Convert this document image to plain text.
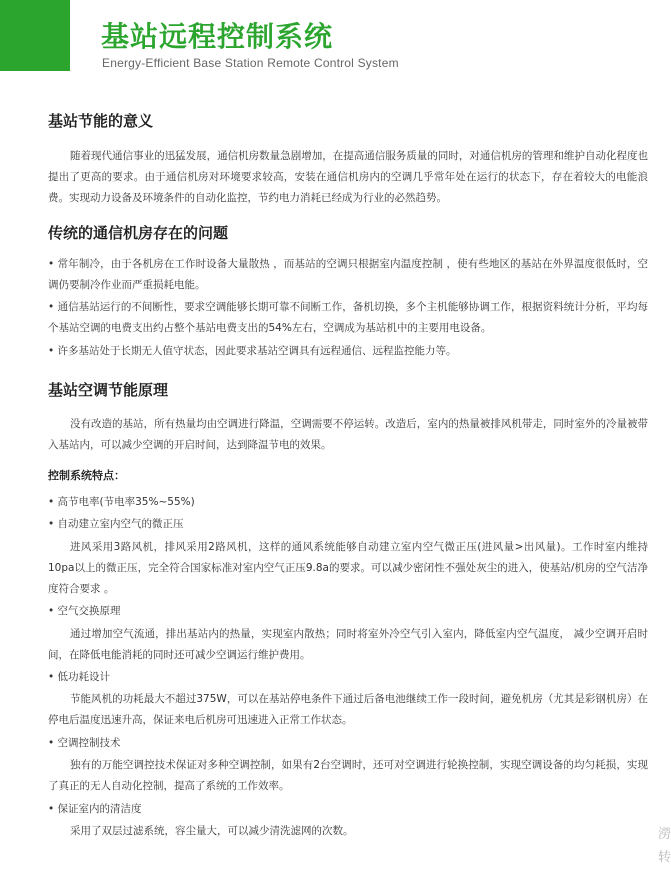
基站远程控制系统
Energy-Efficient Base Station Remote Control System
基站节能的意义
随着现代通信事业的迅猛发展，通信机房数量急剧增加，在提高通信服务质量的同时，对通信机房的管理和维护自动化程度也提出了更高的要求。由于通信机房对环境要求较高，安装在通信机房内的空调几乎常年处在运行的状态下，存在着较大的电能浪费。实现动力设备及环境条件的自动化监控，节约电力消耗已经成为行业的必然趋势。
传统的通信机房存在的问题
• 常年制冷，由于各机房在工作时设备大量散热 ，而基站的空调只根据室内温度控制 ，使有些地区的基站在外界温度很低时，空调仍要制冷作业而严重损耗电能。
• 通信基站运行的不间断性，要求空调能够长期可靠不间断工作，备机切换，多个主机能够协调工作，根据资料统计分析，平均每个基站空调的电费支出约占整个基站电费支出的54%左右，空调成为基站机中的主要用电设备。
• 许多基站处于长期无人值守状态，因此要求基站空调具有远程通信、远程监控能力等。
基站空调节能原理
没有改造的基站，所有热量均由空调进行降温，空调需要不停运转。改造后，室内的热量被排风机带走，同时室外的冷量被带入基站内，可以减少空调的开启时间，达到降温节电的效果。
控制系统特点：
• 高节电率(节电率35%~55%)
• 自动建立室内空气的微正压
进风采用3路风机，排风采用2路风机，这样的通风系统能够自动建立室内空气微正压(进风量>出风量)。工作时室内维持10pa以上的微正压，完全符合国家标准对室内空气正压9.8a的要求。可以减少密闭性不强处灰尘的进入，使基站/机房的空气洁净度符合要求 。
• 空气交换原理
通过增加空气流通，排出基站内的热量，实现室内散热；同时将室外冷空气引入室内，降低室内空气温度， 减少空调开启时间，在降低电能消耗的同时还可减少空调运行维护费用。
• 低功耗设计
节能风机的功耗最大不超过375W，可以在基站停电条件下通过后备电池继续工作一段时间，避免机房（尤其是彩钢机房）在停电后温度迅速升高，保证来电后机房可迅速进入正常工作状态。
• 空调控制技术
独有的万能空调控技术保证对多种空调控制，如果有2台空调时，还可对空调进行轮换控制，实现空调设备的均匀耗损，实现了真正的无人自动化控制，提高了系统的工作效率。
• 保证室内的清洁度
采用了双层过滤系统，容尘量大，可以减少清洗滤网的次数。	澇
转
